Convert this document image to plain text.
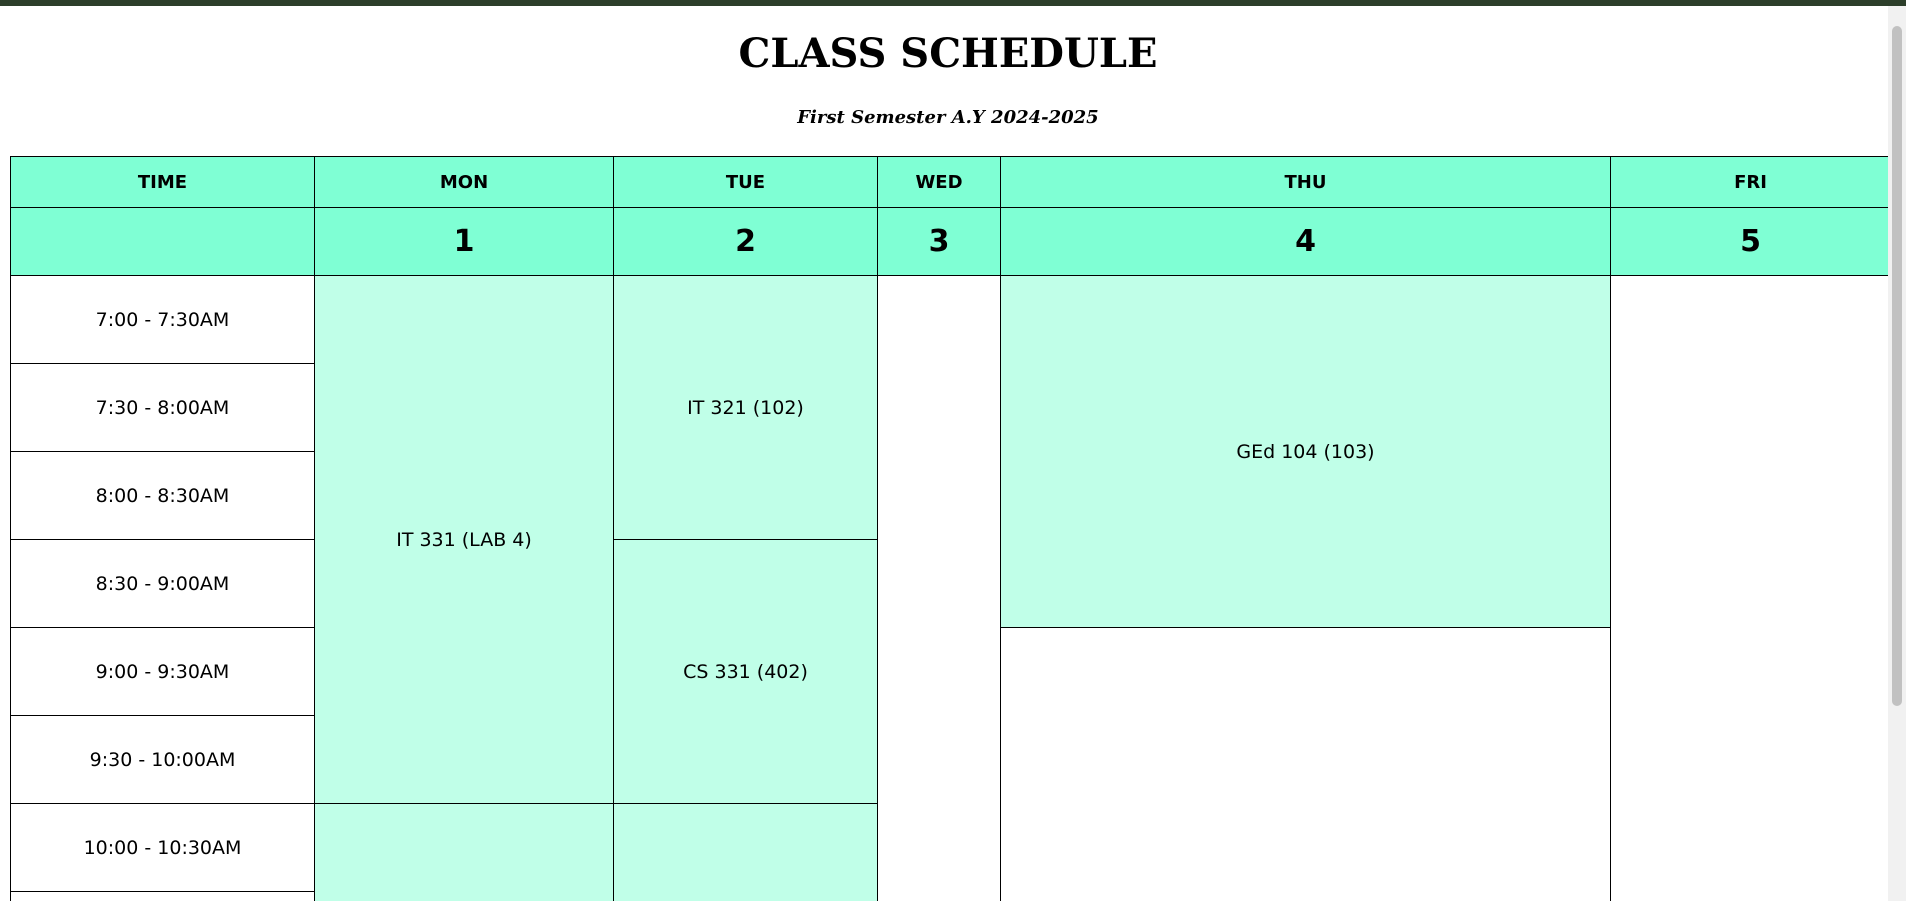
CLASS SCHEDULE

First Semester A.Y 2024-2025

TIME	MON	TUE	WED	THU	FRI
	1	2	3	4	5
7:00 - 7:30AM	IT 331 (LAB 4)	IT 321 (102)		GEd 104 (103)	
7:30 - 8:00AM					
8:00 - 8:30AM					
8:30 - 9:00AM		CS 331 (402)			
9:00 - 9:30AM					
9:30 - 10:00AM					
10:00 - 10:30AM					
